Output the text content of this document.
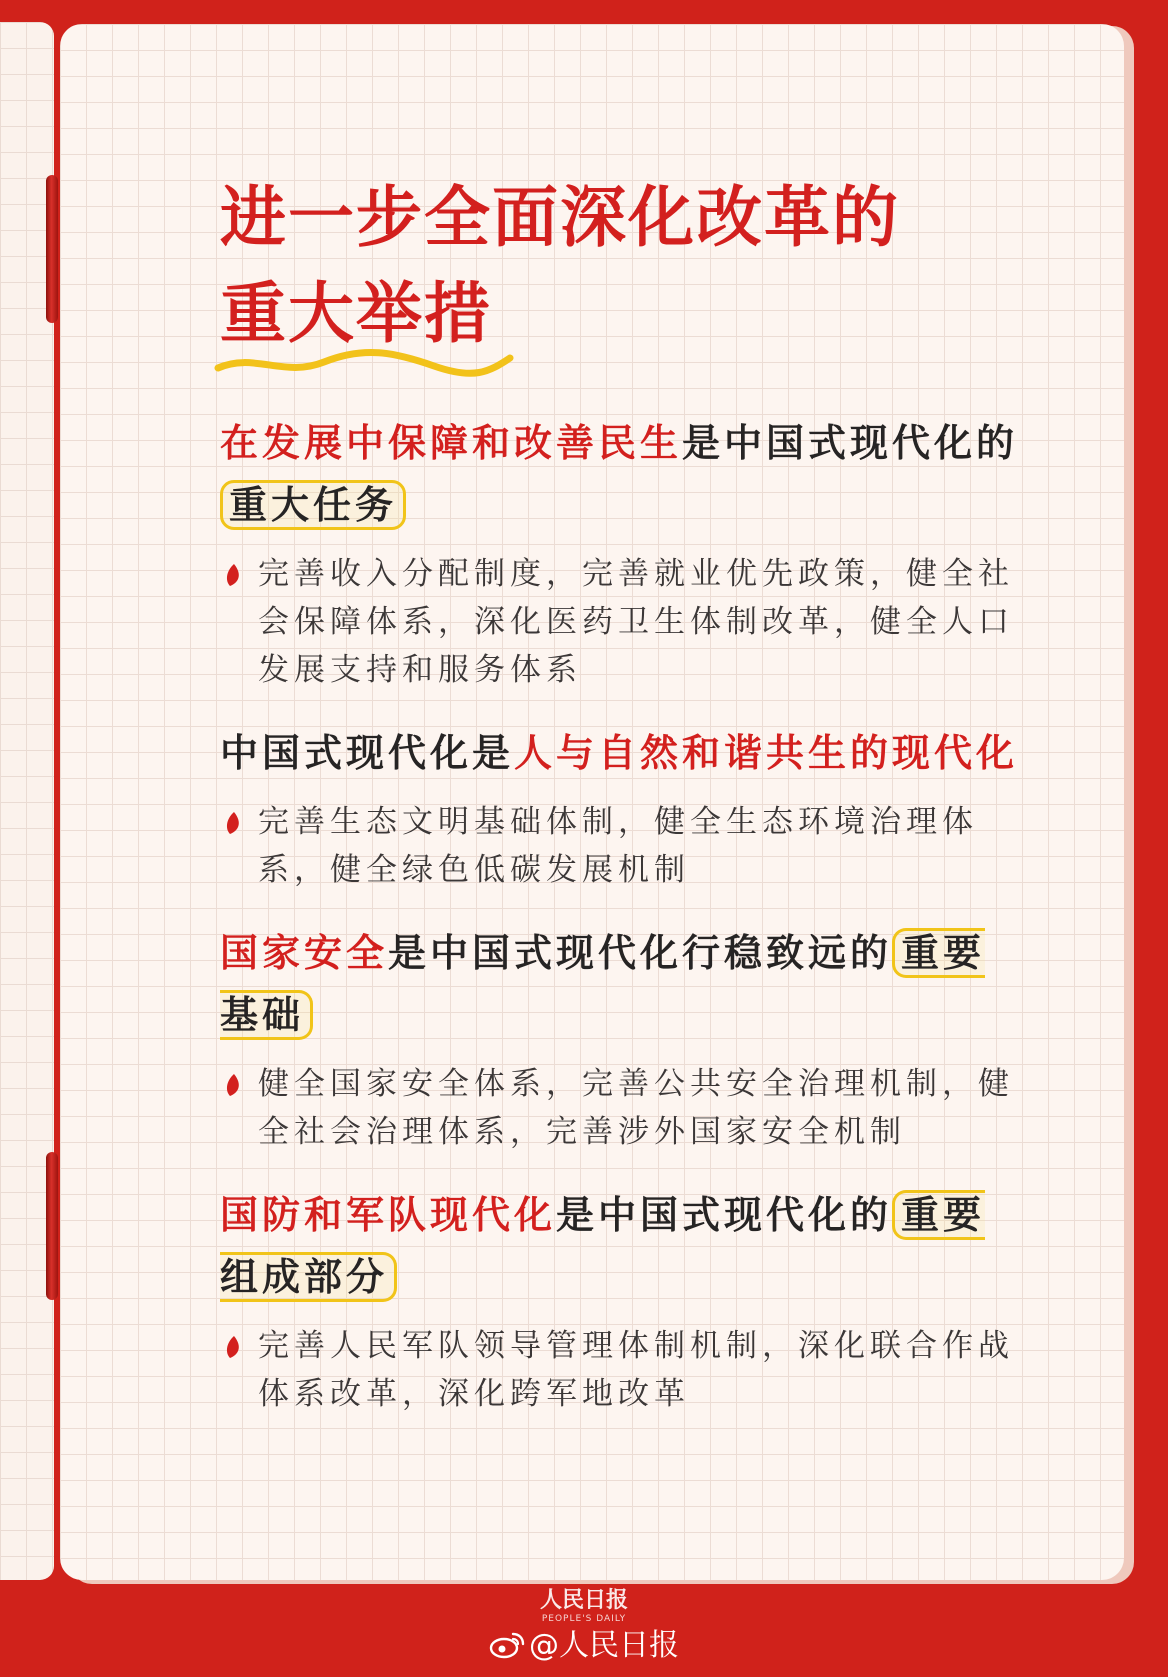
进一步全面深化改革的
重大举措

在发展中保障和改善民生是中国式现代化的重大任务

完善收入分配制度，完善就业优先政策，健全社会保障体系，深化医药卫生体制改革，健全人口发展支持和服务体系

中国式现代化是人与自然和谐共生的现代化

完善生态文明基础体制，健全生态环境治理体系，健全绿色低碳发展机制

国家安全是中国式现代化行稳致远的 重要基础

健全国家安全体系，完善公共安全治理机制，健全社会治理体系，完善涉外国家安全机制

国防和军队现代化是中国式现代化的 重要组成部分

完善人民军队领导管理体制机制，深化联合作战体系改革，深化跨军地改革
人民日报
PEOPLE'S DAILY
@人民日报
